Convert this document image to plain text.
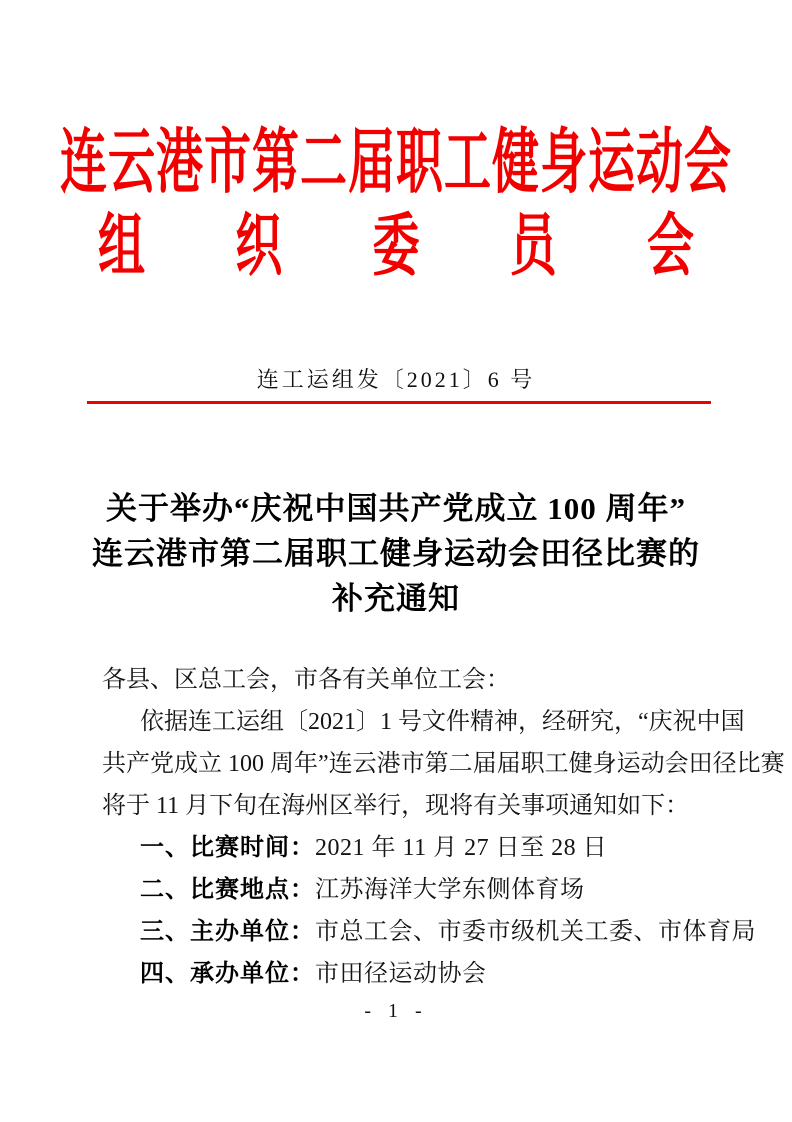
连云港市第二届职工健身运动会
组 织 委 员 会
连工运组发〔2021〕6 号
关于举办“庆祝中国共产党成立 100 周年”
连云港市第二届职工健身运动会田径比赛的
补充通知
各县、区总工会，市各有关单位工会：
依据连工运组〔2021〕1 号文件精神，经研究，“庆祝中国
共产党成立 100 周年”连云港市第二届届职工健身运动会田径比赛
将于 11 月下旬在海州区举行，现将有关事项通知如下：
一、比赛时间：2021 年 11 月 27 日至 28 日
二、比赛地点：江苏海洋大学东侧体育场
三、主办单位：市总工会、市委市级机关工委、市体育局
四、承办单位：市田径运动协会
- 1 -
